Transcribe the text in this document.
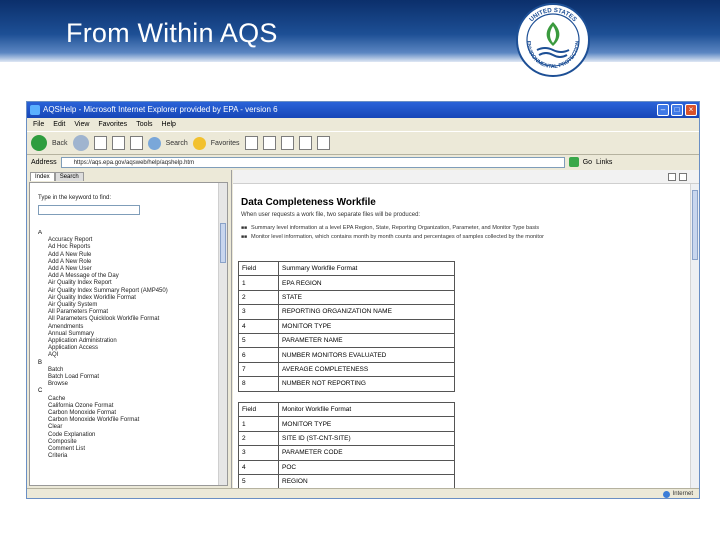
From Within AQS	UNITED STATES
ENVIRONMENTAL PROTECTION
AQSHelp - Microsoft Internet Explorer provided by EPA - version 6	–	□	×
File Edit View Favorites Tools Help
Back	Search	Favorites
Address	https://aqs.epa.gov/aqsweb/help/aqshelp.htm	Go Links
Index	Search
Type in the keyword to find:
A
Accuracy Report
Ad Hoc Reports
Add A New Rule
Add A New Role
Add A New User
Add A Message of the Day
Air Quality Index Report
Air Quality Index Summary Report (AMP450)
Air Quality Index Workfile Format
Air Quality System
All Parameters Format
All Parameters Quicklook Workfile Format
Amendments
Annual Summary
Application Administration
Application Access
AQI
B
Batch
Batch Load Format
Browse
C
Cache
California Ozone Format
Carbon Monoxide Format
Carbon Monoxide Workfile Format
Clear
Code Explanation
Composite
Comment List
Criteria
Data Completeness Workfile
When user requests a work file, two separate files will be produced:
■■ Summary level information at a level EPA Region, State, Reporting Organization, Parameter, and Monitor Type basis
■■ Monitor level information, which contains month by month counts and percentages of samples collected by the monitor
Field	Summary Workfile Format
1	EPA REGION
2	STATE
3	REPORTING ORGANIZATION NAME
4	MONITOR TYPE
5	PARAMETER NAME
6	NUMBER MONITORS EVALUATED
7	AVERAGE COMPLETENESS
8	NUMBER NOT REPORTING
Field	Monitor Workfile Format
1	MONITOR TYPE
2	SITE ID (ST-CNT-SITE)
3	PARAMETER CODE
4	POC
5	REGION
Internet
